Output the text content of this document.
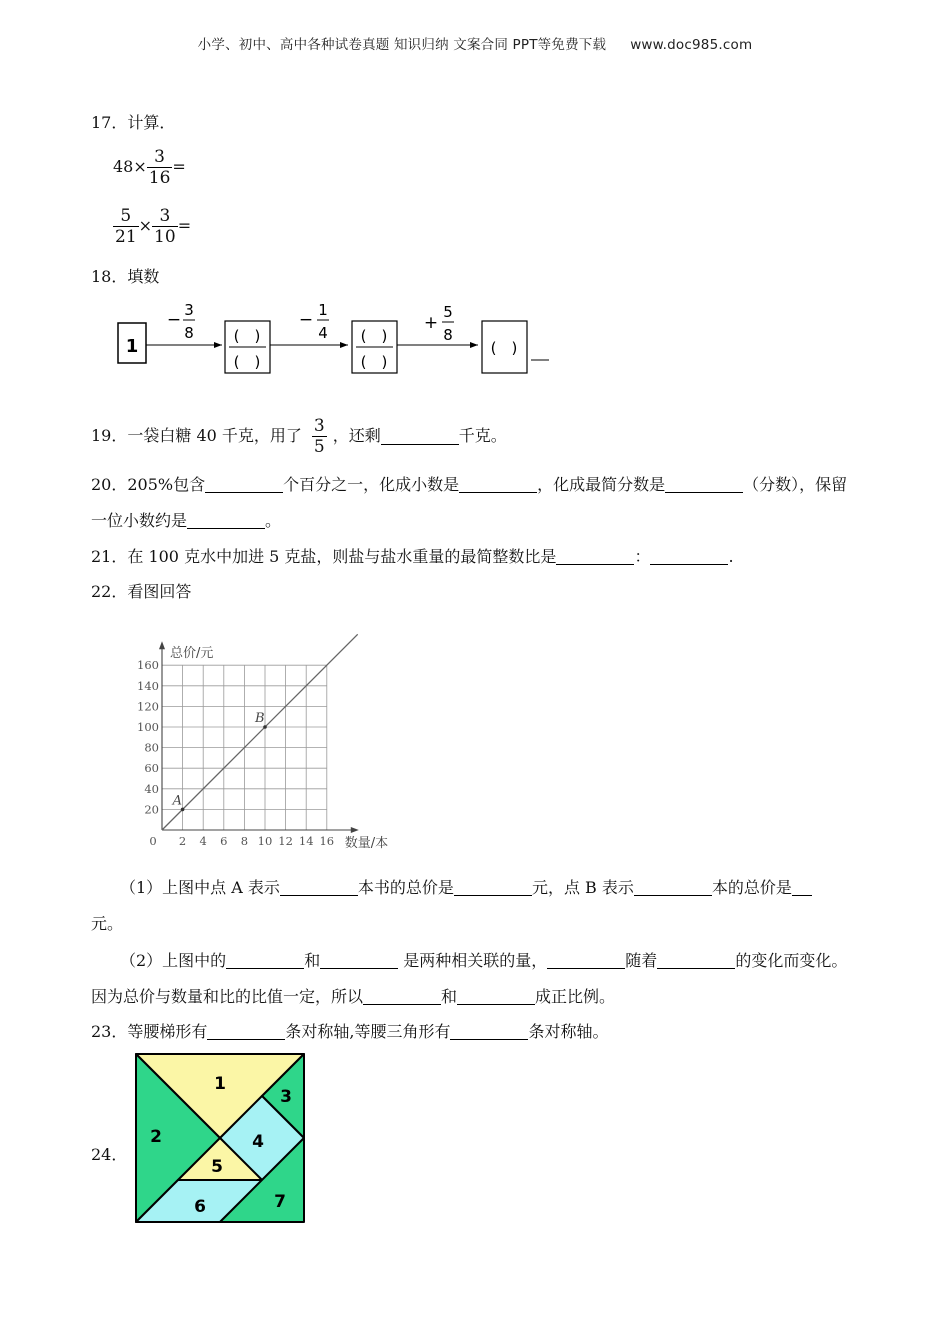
小学、初中、高中各种试卷真题 知识归纳 文案合同 PPT等免费下载 www.doc985.com
17．计算．
$48\times \frac{3}{16}$ =
$\frac{5}{21} \times \frac{3}{10}$ =
18．填数
1
− 3
8	(　)
(　)
− 1
4 (　)
(　)
+
5
8
(　)
19．一袋白糖 40 千克，用了 $\frac{3}{5}$ ，还剩	千克。
20．205%包含	个百分之一，化成小数是	，化成最简分数是	（分数），保留
一位小数约是	。
21．在 100 克水中加进 5 克盐，则盐与盐水重量的最简整数比是	：	.
22．看图回答
0 2 4 6 8 10 12 14 16
20
40
60
80
100
120
140
160
总价/元
数量/本
A
B
（1）上图中点 A 表示	本书的总价是	元，点 B 表示	本的总价是
元。
（2）上图中的	和	是两种相关联的量，	随着	的变化而变化。
因为总价与数量和比的比值一定，所以	和	成正比例。
23．等腰梯形有	条对称轴,等腰三角形有	条对称轴。
24．
1
2
3
4
5
6	7
